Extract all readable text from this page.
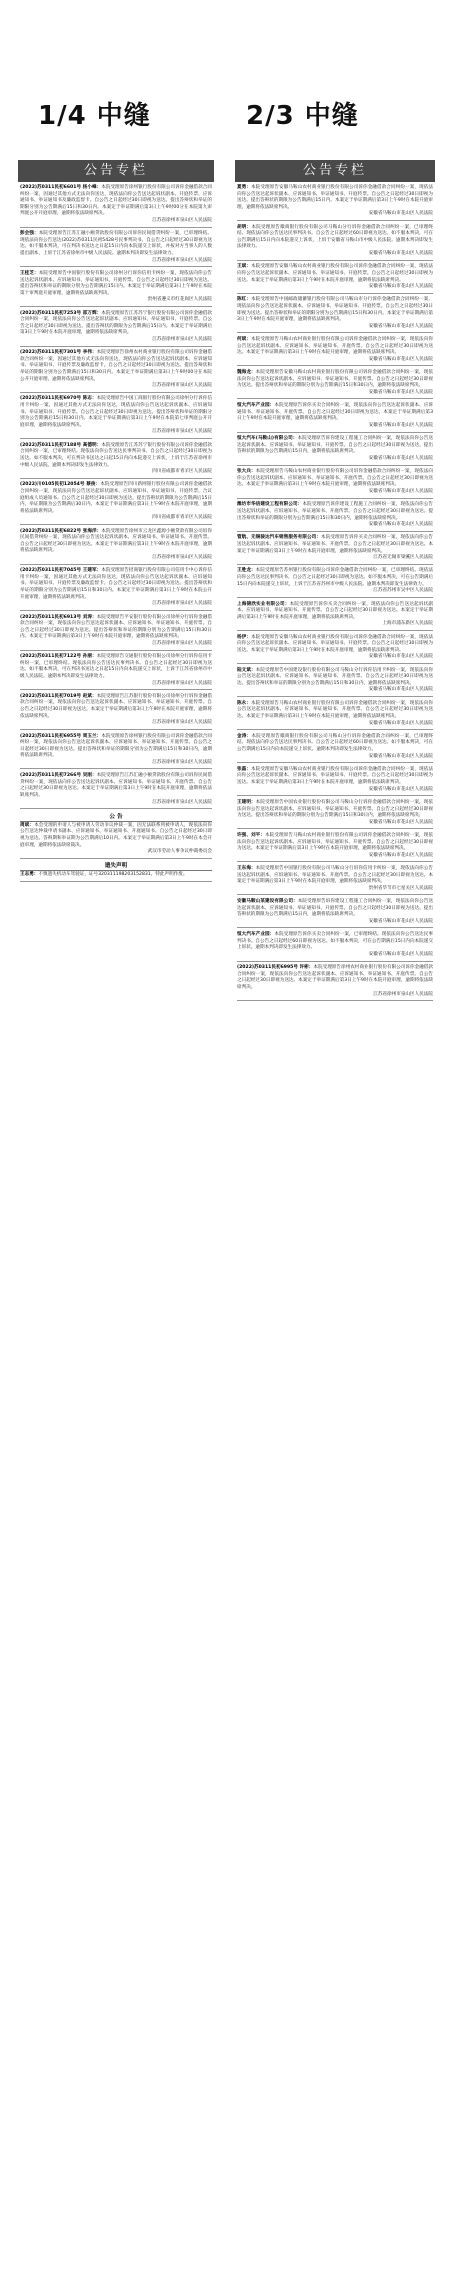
1/4 中缝	2/3 中缝
公告专栏
(2022)苏0311民初6601号 杨小峰：本院受理原告徐州银行股份有限公司诉你金融借款合同纠纷一案，因通过其他方式无法向你送达，现依法向你公告送达起诉状副本、开庭传票、应诉通知书、举证通知书及廉政监督卡。自公告之日起经过30日即视为送达。提出答辩状和举证的期限分别为公告期满后15日和30日内。本案定于举证期满后第3日上午9时00分在本院第九审判庭公开开庭审理，逾期将依法缺席判决。
江苏省徐州市泉山区人民法院
彭会强：本院受理原告江苏汇融小额贷款股份有限公司诉你民间借贷纠纷一案，已审理终结。现依法向你公告送达(2022)苏0311民初5428号民事判决书。自公告之日起经过30日即视为送达。如不服本判决，可在判决书送达之日起15日内向本院递交上诉状，并按对方当事人的人数提出副本，上诉于江苏省徐州市中级人民法院。逾期本判决即发生法律效力。
江苏省徐州市泉山区人民法院
王桂芝：本院受理原告中国银行股份有限公司徐州分行诉你信用卡纠纷一案，现依法向你公告送达起诉状副本、应诉通知书、举证通知书、开庭传票。自公告之日起经过30日即视为送达。提出答辩状和举证的期限分别为公告期满后15日内。本案定于举证期满后第3日上午9时在本院第十审判庭开庭审理，逾期将依法缺席判决。
贵州省遵义市红花岗区人民法院
(2022)苏0311民初7253号 邵万辉：本院受理原告江苏苏宁银行股份有限公司诉你金融借款合同纠纷一案，现依法向你公告送达起诉状副本、应诉通知书、举证通知书、开庭传票。自公告之日起经过30日即视为送达。提出答辩状的期限为公告期满后15日内。本案定于举证期满后第3日上午9时在本院开庭审理，逾期将依法缺席判决。
江苏省徐州市泉山区人民法院
(2022)苏0311民初7301号 李伟：本院受理原告徐州农村商业银行股份有限公司诉你金融借款合同纠纷一案，因通过其他方式无法向你送达，现依法向你公告送达起诉状副本、应诉通知书、举证通知书、开庭传票及廉政监督卡。自公告之日起经过30日即视为送达。提出答辩状和举证的期限分别为公告期满后15日和30日内。本案定于举证期满后第3日上午9时00分在本院公开开庭审理，逾期将依法缺席判决。
江苏省徐州市泉山区人民法院
(2022)苏0311民初6970号 陈志：本院受理原告中国工商银行股份有限公司徐州分行诉你信用卡纠纷一案，因通过其他方式无法向你送达，现依法向你公告送达起诉状副本、应诉通知书、举证通知书、开庭传票。自公告之日起经过30日即视为送达。提出答辩状和举证的期限分别为公告期满后15日和30日内。本案定于举证期满后第3日上午9时在本院第七审判庭公开开庭审理，逾期将依法缺席判决。
江苏省徐州市泉山区人民法院
(2022)苏0311民初7188号 高德明：本院受理原告江苏苏宁银行股份有限公司诉你金融借款合同纠纷一案，已审理终结。现依法向你公告送达民事判决书。自公告之日起经过30日即视为送达。如不服本判决，可在判决书送达之日起15日内向本院递交上诉状，上诉于江苏省徐州市中级人民法院。逾期本判决即发生法律效力。
四川省成都市青羊区人民法院
(2022)川0105民初12054号 蔡俊：本院受理原告四川新网银行股份有限公司诉你金融借款合同纠纷一案，现依法向你公告送达起诉状副本、应诉通知书、举证通知书、开庭传票、合议庭组成人员通知书。自公告之日起经过30日即视为送达。提出答辩状的期限为公告期满后15日内，举证期限为公告期满后30日内。本案定于举证期满后第3日上午9时在本院开庭审理，逾期将依法缺席判决。
四川省成都市青羊区人民法院
(2022)苏0311民初6822号 张海洋：本院受理原告徐州市云龙区鑫源小额贷款有限公司诉你民间借贷纠纷一案，现依法向你公告送达起诉状副本、应诉通知书、举证通知书、开庭传票。自公告之日起经过30日即视为送达。本案定于举证期满后第3日上午9时在本院开庭审理，逾期将依法缺席判决。
江苏省徐州市泉山区人民法院
(2022)苏0311民初7045号 王建军：本院受理原告招商银行股份有限公司信用卡中心诉你信用卡纠纷一案，因通过其他方式无法向你送达，现依法向你公告送达起诉状副本、应诉通知书、举证通知书、开庭传票及廉政监督卡。自公告之日起经过30日即视为送达。提出答辩状和举证的期限分别为公告期满后15日和30日内。本案定于举证期满后第3日上午9时在本院公开开庭审理，逾期将依法缺席判决。
江苏省徐州市泉山区人民法院
(2022)苏0311民初6913号 刘涛：本院受理原告平安银行股份有限公司徐州分行诉你金融借款合同纠纷一案，现依法向你公告送达起诉状副本、应诉通知书、举证通知书、开庭传票。自公告之日起经过30日即视为送达。提出答辩状和举证的期限分别为公告期满后15日和30日内。本案定于举证期满后第3日上午9时在本院开庭审理，逾期将依法缺席判决。
江苏省徐州市泉山区人民法院
(2022)苏0311民初7122号 孙丽：本院受理原告交通银行股份有限公司徐州分行诉你信用卡纠纷一案，已审理终结。现依法向你公告送达民事判决书。自公告之日起经过30日即视为送达。如不服本判决，可在判决书送达之日起15日内向本院递交上诉状，上诉于江苏省徐州市中级人民法院。逾期本判决即发生法律效力。
江苏省徐州市泉山区人民法院
(2022)苏0311民初7019号 赵斌：本院受理原告江苏银行股份有限公司徐州分行诉你金融借款合同纠纷一案，现依法向你公告送达起诉状副本、应诉通知书、举证通知书、开庭传票。自公告之日起经过30日即视为送达。本案定于举证期满后第3日上午9时在本院开庭审理，逾期将依法缺席判决。
江苏省徐州市泉山区人民法院
(2022)苏0311民初6955号 周玉兰：本院受理原告徐州银行股份有限公司诉你金融借款合同纠纷一案，现依法向你公告送达起诉状副本、应诉通知书、举证通知书、开庭传票。自公告之日起经过30日即视为送达。提出答辩状和举证的期限分别为公告期满后15日和30日内，逾期将依法缺席判决。
江苏省徐州市泉山区人民法院
(2022)苏0311民初7266号 吴刚：本院受理原告江苏汇融小额贷款股份有限公司诉你民间借贷纠纷一案，现依法向你公告送达起诉状副本、应诉通知书、举证通知书、开庭传票。自公告之日起经过30日即视为送达。本案定于举证期满后第3日上午9时在本院开庭审理，逾期将依法缺席判决。
江苏省徐州市泉山区人民法院
公 告
周斌：本会受理的申请人与被申请人劳动争议仲裁一案，因无法联系到被申请人，现依法向你公告送达仲裁申请书副本、应诉通知书、举证通知书、开庭通知书。自公告之日起经过30日即视为送达。答辩期和举证期为公告期满后10日内。本案定于举证期满后第3日上午9时在本会开庭审理，逾期将依法缺席裁决。
武汉市劳动人事争议仲裁委员会
遗失声明
王志勇：不慎遗失机动车驾驶证，证号320311198203152831，特此声明作废。
公告专栏
夏勇：本院受理原告安徽马鞍山农村商业银行股份有限公司诉你金融借款合同纠纷一案，现依法向你公告送达起诉状副本、应诉通知书、举证通知书、开庭传票。自公告之日起经过30日即视为送达。提出答辩状的期限为公告期满后15日内。本案定于举证期满后第3日上午9时在本院开庭审理，逾期将依法缺席判决。
安徽省马鞍山市花山区人民法院
胡明：本院受理原告徽商银行股份有限公司马鞍山分行诉你金融借款合同纠纷一案，已审理终结。现依法向你公告送达民事判决书。自公告之日起经过60日即视为送达。如不服本判决，可在公告期满后15日内向本院递交上诉状，上诉于安徽省马鞍山市中级人民法院。逾期本判决即发生法律效力。
安徽省马鞍山市花山区人民法院
王斌：本院受理原告安徽马鞍山农村商业银行股份有限公司诉你金融借款合同纠纷一案，现依法向你公告送达起诉状副本、应诉通知书、举证通知书、开庭传票。自公告之日起经过30日即视为送达。本案定于举证期满后第3日上午9时在本院开庭审理，逾期将依法缺席判决。
安徽省马鞍山市花山区人民法院
陈红：本院受理原告中国邮政储蓄银行股份有限公司马鞍山市分行诉你金融借款合同纠纷一案，现依法向你公告送达起诉状副本、应诉通知书、举证通知书、开庭传票。自公告之日起经过30日即视为送达。提出答辩状和举证的期限分别为公告期满后15日和30日内。本案定于举证期满后第3日上午9时在本院开庭审理，逾期将依法缺席判决。
安徽省马鞍山市花山区人民法院
何斌：本院受理原告马鞍山农村商业银行股份有限公司诉你金融借款合同纠纷一案，现依法向你公告送达起诉状副本、应诉通知书、举证通知书、开庭传票。自公告之日起经过30日即视为送达。本案定于举证期满后第3日上午9时在本院开庭审理，逾期将依法缺席判决。
安徽省马鞍山市花山区人民法院
魏海龙：本院受理原告安徽马鞍山农村商业银行股份有限公司诉你金融借款合同纠纷一案，现依法向你公告送达起诉状副本、应诉通知书、举证通知书、开庭传票。自公告之日起经过30日即视为送达。提出答辩状和举证的期限分别为公告期满后15日和30日内，逾期将依法缺席判决。
安徽省马鞍山市花山区人民法院
恒大汽车产业园：本院受理原告诉你买卖合同纠纷一案，现依法向你公告送达起诉状副本、应诉通知书、举证通知书、开庭传票。自公告之日起经过30日即视为送达。本案定于举证期满后第3日上午9时在本院开庭审理，逾期将依法缺席判决。
安徽省马鞍山市花山区人民法院
恒大汽车(马鞍山)有限公司：本院受理原告诉你建设工程施工合同纠纷一案，现依法向你公告送达起诉状副本、应诉通知书、举证通知书、开庭传票。自公告之日起经过30日即视为送达。提出答辩状的期限为公告期满后15日内，逾期将依法缺席判决。
安徽省马鞍山市花山区人民法院
张大兵：本院受理原告马鞍山农村商业银行股份有限公司诉你金融借款合同纠纷一案，现依法向你公告送达起诉状副本、应诉通知书、举证通知书、开庭传票。自公告之日起经过30日即视为送达。本案定于举证期满后第3日上午9时在本院开庭审理，逾期将依法缺席判决。
安徽省马鞍山市花山区人民法院
潍坊市华信建设工程有限公司：本院受理原告诉你建设工程施工合同纠纷一案，现依法向你公告送达起诉状副本、应诉通知书、举证通知书、开庭传票。自公告之日起经过30日即视为送达。提出答辩状和举证的期限分别为公告期满后15日和30日内，逾期将依法缺席判决。
安徽省马鞍山市花山区人民法院
管航、无锡骏达汽车销售服务有限公司：本院受理原告诉你买卖合同纠纷一案，现依法向你公告送达起诉状副本、应诉通知书、举证通知书、开庭传票。自公告之日起经过30日即视为送达。本案定于举证期满后第3日上午9时在本院开庭审理，逾期将依法缺席判决。
江苏省无锡市梁溪区人民法院
王胜龙：本院受理原告苏州银行股份有限公司诉你金融借款合同纠纷一案，已审理终结。现依法向你公告送达民事判决书。自公告之日起经过30日即视为送达。如不服本判决，可在公告期满后15日内向本院递交上诉状，上诉于江苏省苏州市中级人民法院。逾期本判决即发生法律效力。
江苏省苏州市吴中区人民法院
上海锦欣实业有限公司：本院受理原告诉你买卖合同纠纷一案，现依法向你公告送达起诉状副本、应诉通知书、举证通知书、开庭传票。自公告之日起经过30日即视为送达。本案定于举证期满后第3日上午9时在本院开庭审理，逾期将依法缺席判决。
上海市浦东新区人民法院
杨伊：本院受理原告安徽马鞍山农村商业银行股份有限公司诉你金融借款合同纠纷一案，现依法向你公告送达起诉状副本、应诉通知书、举证通知书、开庭传票。自公告之日起经过30日即视为送达。本案定于举证期满后第3日上午9时在本院开庭审理，逾期将依法缺席判决。
安徽省马鞍山市花山区人民法院
陆文斌：本院受理原告中国建设银行股份有限公司马鞍山分行诉你信用卡纠纷一案，现依法向你公告送达起诉状副本、应诉通知书、举证通知书、开庭传票。自公告之日起经过30日即视为送达。提出答辩状和举证的期限分别为公告期满后15日和30日内，逾期将依法缺席判决。
安徽省马鞍山市花山区人民法院
陈永：本院受理原告马鞍山农村商业银行股份有限公司诉你金融借款合同纠纷一案，现依法向你公告送达起诉状副本、应诉通知书、举证通知书、开庭传票。自公告之日起经过30日即视为送达。本案定于举证期满后第3日上午9时在本院开庭审理，逾期将依法缺席判决。
安徽省马鞍山市花山区人民法院
金涛：本院受理原告徽商银行股份有限公司马鞍山分行诉你金融借款合同纠纷一案，已审理终结。现依法向你公告送达民事判决书。自公告之日起经过60日即视为送达。如不服本判决，可在公告期满后15日内向本院递交上诉状。逾期本判决即发生法律效力。
安徽省马鞍山市花山区人民法院
张磊：本院受理原告安徽马鞍山农村商业银行股份有限公司诉你金融借款合同纠纷一案，现依法向你公告送达起诉状副本、应诉通知书、举证通知书、开庭传票。自公告之日起经过30日即视为送达。本案定于举证期满后第3日上午9时在本院开庭审理，逾期将依法缺席判决。
安徽省马鞍山市花山区人民法院
王建明：本院受理原告中国农业银行股份有限公司马鞍山分行诉你金融借款合同纠纷一案，现依法向你公告送达起诉状副本、应诉通知书、举证通知书、开庭传票。自公告之日起经过30日即视为送达。提出答辩状和举证的期限分别为公告期满后15日和30日内，逾期将依法缺席判决。
安徽省马鞍山市花山区人民法院
许强、刘平：本院受理原告马鞍山农村商业银行股份有限公司诉你金融借款合同纠纷一案，现依法向你公告送达起诉状副本、应诉通知书、举证通知书、开庭传票。自公告之日起经过30日即视为送达。本案定于举证期满后第3日上午9时在本院开庭审理，逾期将依法缺席判决。
安徽省马鞍山市花山区人民法院
王东海：本院受理原告中国银行股份有限公司马鞍山分行诉你信用卡纠纷一案，现依法向你公告送达起诉状副本、应诉通知书、举证通知书、开庭传票。自公告之日起经过30日即视为送达。本案定于举证期满后第3日上午9时在本院开庭审理，逾期将依法缺席判决。
贵州省毕节市七星关区人民法院
安徽马鞍山某建设有限公司：本院受理原告诉你建设工程施工合同纠纷一案，现依法向你公告送达起诉状副本、应诉通知书、举证通知书、开庭传票。自公告之日起经过30日即视为送达。提出答辩状的期限为公告期满后15日内，逾期将依法缺席判决。
安徽省马鞍山市花山区人民法院
恒大汽车产业园：本院受理原告诉你买卖合同纠纷一案，已审理终结。现依法向你公告送达民事判决书。自公告之日起经过60日即视为送达。如不服本判决，可在公告期满后15日内向本院递交上诉状。逾期本判决即发生法律效力。
安徽省马鞍山市花山区人民法院
(2022)苏0311民初6995号 许彬：本院受理原告徐州农村商业银行股份有限公司诉你金融借款合同纠纷一案，现依法向你公告送达起诉状副本、应诉通知书、举证通知书、开庭传票。自公告之日起经过30日即视为送达。本案定于举证期满后第3日上午9时在本院开庭审理，逾期将依法缺席判决。
江苏省徐州市泉山区人民法院
